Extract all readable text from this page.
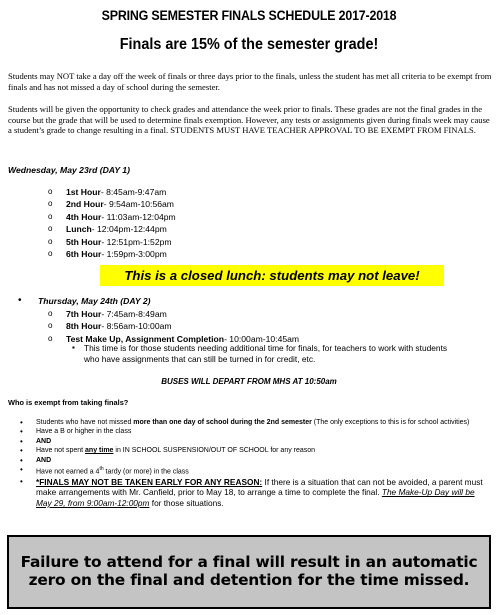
SPRING SEMESTER FINALS SCHEDULE 2017-2018
Finals are 15% of the semester grade!
Students may NOT take a day off the week of finals or three days prior to the finals, unless the student has met all criteria to be exempt from finals and has not missed a day of school during the semester.
Students will be given the opportunity to check grades and attendance the week prior to finals. These grades are not the final grades in the course but the grade that will be used to determine finals exemption. However, any tests or assignments given during finals week may cause a student’s grade to change resulting in a final. STUDENTS MUST HAVE TEACHER APPROVAL TO BE EXEMPT FROM FINALS.
Wednesday, May 23rd (DAY 1)
o 1st Hour- 8:45am-9:47am
o 2nd Hour- 9:54am-10:56am
o 4th Hour- 11:03am-12:04pm
o Lunch- 12:04pm-12:44pm
o 5th Hour- 12:51pm-1:52pm
o 6th Hour- 1:59pm-3:00pm
This is a closed lunch: students may not leave!
• Thursday, May 24th (DAY 2)
o 7th Hour- 7:45am-8:49am
o 8th Hour- 8:56am-10:00am
o Test Make Up, Assignment Completion- 10:00am-10:45am
▪ This time is for those students needing additional time for finals, for teachers to work with students who have assignments that can still be turned in for credit, etc.
BUSES WILL DEPART FROM MHS AT 10:50am
Who is exempt from taking finals?
• Students who have not missed more than one day of school during the 2nd semester (The only exceptions to this is for school activities)
• Have a B or higher in the class
• AND
• Have not spent any time in IN SCHOOL SUSPENSION/OUT OF SCHOOL for any reason
• AND
• Have not earned a 4th tardy (or more) in the class
• *FINALS MAY NOT BE TAKEN EARLY FOR ANY REASON: If there is a situation that can not be avoided, a parent must make arrangements with Mr. Canfield, prior to May 18, to arrange a time to complete the final. The Make-Up Day will be May 29, from 9:00am-12:00pm for those situations.
Failure to attend for a final will result in an automatic zero on the final and detention for the time missed.
